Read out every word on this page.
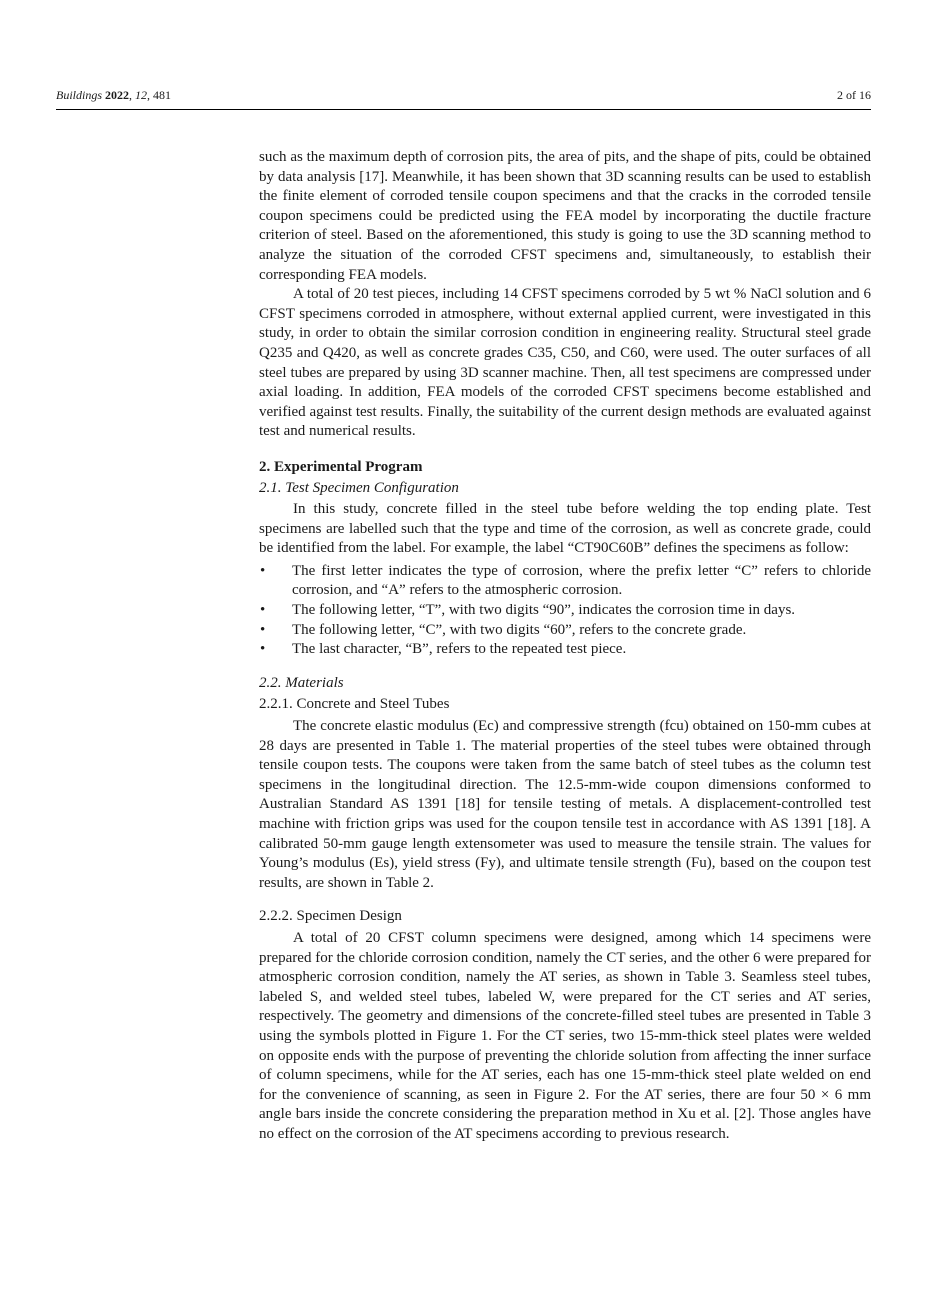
Buildings 2022, 12, 481	2 of 16

such as the maximum depth of corrosion pits, the area of pits, and the shape of pits, could be obtained by data analysis [17]. Meanwhile, it has been shown that 3D scanning results can be used to establish the finite element of corroded tensile coupon specimens and that the cracks in the corroded tensile coupon specimens could be predicted using the FEA model by incorporating the ductile fracture criterion of steel. Based on the aforementioned, this study is going to use the 3D scanning method to analyze the situation of the corroded CFST specimens and, simultaneously, to establish their corresponding FEA models.

A total of 20 test pieces, including 14 CFST specimens corroded by 5 wt % NaCl solution and 6 CFST specimens corroded in atmosphere, without external applied current, were investigated in this study, in order to obtain the similar corrosion condition in engineering reality. Structural steel grade Q235 and Q420, as well as concrete grades C35, C50, and C60, were used. The outer surfaces of all steel tubes are prepared by using 3D scanner machine. Then, all test specimens are compressed under axial loading. In addition, FEA models of the corroded CFST specimens become established and verified against test results. Finally, the suitability of the current design methods are evaluated against test and numerical results.

2. Experimental Program

2.1. Test Specimen Configuration

In this study, concrete filled in the steel tube before welding the top ending plate. Test specimens are labelled such that the type and time of the corrosion, as well as concrete grade, could be identified from the label. For example, the label “CT90C60B” defines the specimens as follow:

• The first letter indicates the type of corrosion, where the prefix letter “C” refers to chloride corrosion, and “A” refers to the atmospheric corrosion.
• The following letter, “T”, with two digits “90”, indicates the corrosion time in days.
• The following letter, “C”, with two digits “60”, refers to the concrete grade.
• The last character, “B”, refers to the repeated test piece.

2.2. Materials

2.2.1. Concrete and Steel Tubes

The concrete elastic modulus (Ec) and compressive strength (fcu) obtained on 150-mm cubes at 28 days are presented in Table 1. The material properties of the steel tubes were obtained through tensile coupon tests. The coupons were taken from the same batch of steel tubes as the column test specimens in the longitudinal direction. The 12.5-mm-wide coupon dimensions conformed to Australian Standard AS 1391 [18] for tensile testing of metals. A displacement-controlled test machine with friction grips was used for the coupon tensile test in accordance with AS 1391 [18]. A calibrated 50-mm gauge length extensometer was used to measure the tensile strain. The values for Young’s modulus (Es), yield stress (Fy), and ultimate tensile strength (Fu), based on the coupon test results, are shown in Table 2.

2.2.2. Specimen Design

A total of 20 CFST column specimens were designed, among which 14 specimens were prepared for the chloride corrosion condition, namely the CT series, and the other 6 were prepared for atmospheric corrosion condition, namely the AT series, as shown in Table 3. Seamless steel tubes, labeled S, and welded steel tubes, labeled W, were prepared for the CT series and AT series, respectively. The geometry and dimensions of the concrete-filled steel tubes are presented in Table 3 using the symbols plotted in Figure 1. For the CT series, two 15-mm-thick steel plates were welded on opposite ends with the purpose of preventing the chloride solution from affecting the inner surface of column specimens, while for the AT series, each has one 15-mm-thick steel plate welded on end for the convenience of scanning, as seen in Figure 2. For the AT series, there are four 50 × 6 mm angle bars inside the concrete considering the preparation method in Xu et al. [2]. Those angles have no effect on the corrosion of the AT specimens according to previous research.
